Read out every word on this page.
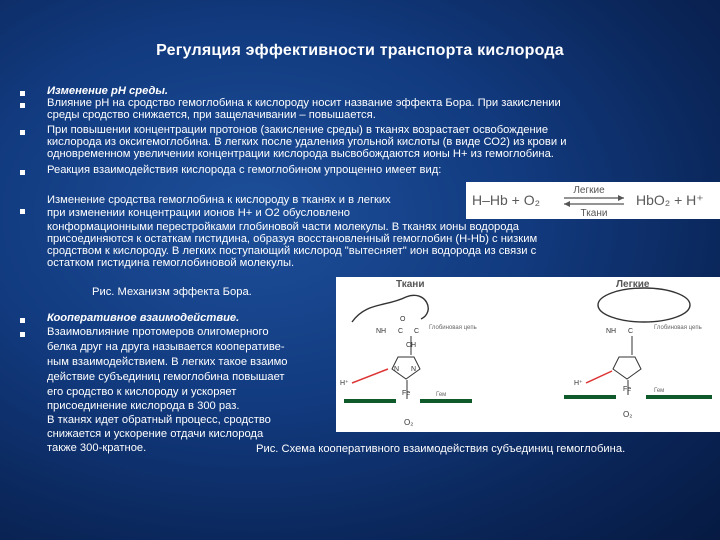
Регуляция эффективности транспорта кислорода
Изменение рН среды.
Влияние рН на сродство гемоглобина к кислороду носит название эффекта Бора. При закислении
среды сродство снижается, при защелачивании – повышается.
При повышении концентрации протонов (закисление среды) в тканях возрастает освобождение
кислорода из оксигемоглобина. В легких после удаления угольной кислоты (в виде СО2) из крови и
одновременном увеличении концентрации кислорода высвобождаются ионы Н+ из гемоглобина.
Реакция взаимодействия кислорода с гемоглобином упрощенно имеет вид:
Изменение сродства гемоглобина к кислороду в тканях и в легких
при изменении концентрации ионов Н+ и О2 обусловлено
конформационными перестройками глобиновой части молекулы. В тканях ионы водорода
присоединяются к остаткам гистидина, образуя восстановленный гемоглобин (Н-Hb) с низким
сродством к кислороду. В легких поступающий кислород "вытесняет" ион водорода из связи с
остатком гистидина гемоглобиновой молекулы.
Рис. Механизм эффекта Бора.
Кооперативное взаимодействие.
Взаимовлияние протомеров олигомерного
белка друг на друга называется кооперативе-
ным взаимодействием. В легких такое взаимо
действие субъединиц гемоглобина повышает
его сродство к кислороду и ускоряет
присоединение кислорода в 300 раз.
В тканях идет обратный процесс, сродство
снижается и ускорение отдачи кислорода
также 300-кратное.	Рис. Схема кооперативного взаимодействия субъединиц гемоглобина.
H–Hb + O₂
Легкие
Ткани
HbO₂ + H⁺
Ткани	Легкие
NH C
O
C Глобиновая цепь
CH
N N
H⁺
Fe
O₂
Гем
NH C	Глобиновая цепь
H⁺
Fe
O₂
Гем
